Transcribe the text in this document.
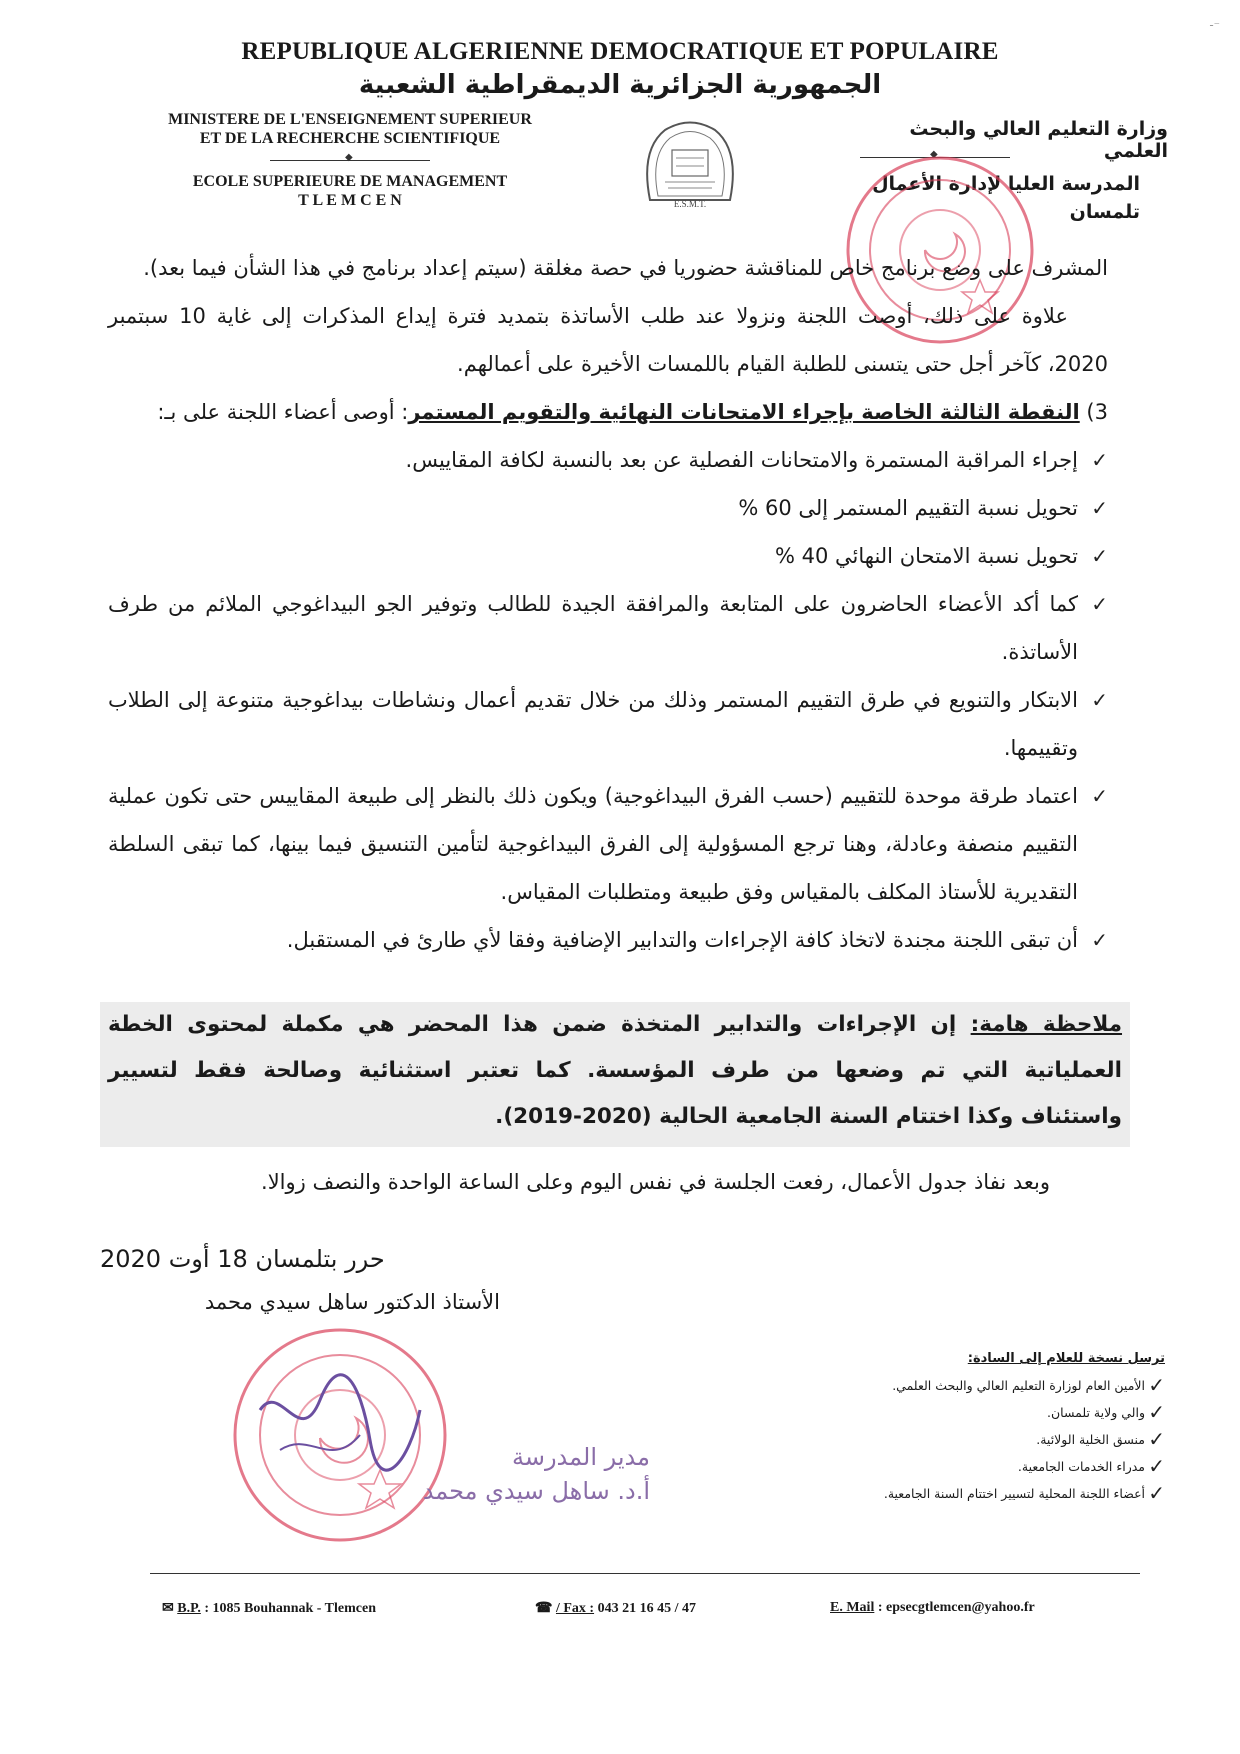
-⁻
REPUBLIQUE ALGERIENNE DEMOCRATIQUE ET POPULAIRE
الجمهورية الجزائرية الديمقراطية الشعبية
MINISTERE DE L'ENSEIGNEMENT SUPERIEUR
ET DE LA RECHERCHE SCIENTIFIQUE
◆
ECOLE SUPERIEURE DE MANAGEMENT
T L E M C E N
وزارة التعليم العالي والبحث العلمي
◆
المدرسة العليا لإدارة الأعمال
تلمسان
E.S.M.T.

المشرف على وضع برنامج خاص للمناقشة حضوريا في حصة مغلقة (سيتم إعداد برنامج في هذا الشأن فيما بعد).

علاوة على ذلك، أوصت اللجنة ونزولا عند طلب الأساتذة بتمديد فترة إيداع المذكرات إلى غاية 10 سبتمبر 2020، كآخر أجل حتى يتسنى للطلبة القيام باللمسات الأخيرة على أعمالهم.

3) النقطة الثالثة الخاصة بإجراء الامتحانات النهائية والتقويم المستمر: أوصى أعضاء اللجنة على بـ:

✓ إجراء المراقبة المستمرة والامتحانات الفصلية عن بعد بالنسبة لكافة المقاييس.
✓ تحويل نسبة التقييم المستمر إلى 60 %
✓ تحويل نسبة الامتحان النهائي 40 %
✓ كما أكد الأعضاء الحاضرون على المتابعة والمرافقة الجيدة للطالب وتوفير الجو البيداغوجي الملائم من طرف الأساتذة.
✓ الابتكار والتنويع في طرق التقييم المستمر وذلك من خلال تقديم أعمال ونشاطات بيداغوجية متنوعة إلى الطلاب وتقييمها.
✓ اعتماد طرقة موحدة للتقييم (حسب الفرق البيداغوجية) ويكون ذلك بالنظر إلى طبيعة المقاييس حتى تكون عملية التقييم منصفة وعادلة، وهنا ترجع المسؤولية إلى الفرق البيداغوجية لتأمين التنسيق فيما بينها، كما تبقى السلطة التقديرية للأستاذ المكلف بالمقياس وفق طبيعة ومتطلبات المقياس.
✓ أن تبقى اللجنة مجندة لاتخاذ كافة الإجراءات والتدابير الإضافية وفقا لأي طارئ في المستقبل.
ملاحظة هامة: إن الإجراءات والتدابير المتخذة ضمن هذا المحضر هي مكملة لمحتوى الخطة العملياتية التي تم وضعها من طرف المؤسسة. كما تعتبر استثنائية وصالحة فقط لتسيير واستئناف وكذا اختتام السنة الجامعية الحالية (2020-2019).
وبعد نفاذ جدول الأعمال، رفعت الجلسة في نفس اليوم وعلى الساعة الواحدة والنصف زوالا.
حرر بتلمسان 18 أوت 2020
الأستاذ الدكتور ساهل سيدي محمد
مدير المدرسة
أ.د. ساهل سيدي محمد
ترسل نسخة للعلام إلى السادة:
✓ الأمين العام لوزارة التعليم العالي والبحث العلمي.
✓ والي ولاية تلمسان.
✓ منسق الخلية الولائية.
✓ مدراء الخدمات الجامعية.
✓ أعضاء اللجنة المحلية لتسيير اختتام السنة الجامعية.
✉ B.P. : 1085 Bouhannak - Tlemcen	☎ / Fax : 043 21 16 45 / 47	E. Mail : epsecgtlemcen@yahoo.fr
